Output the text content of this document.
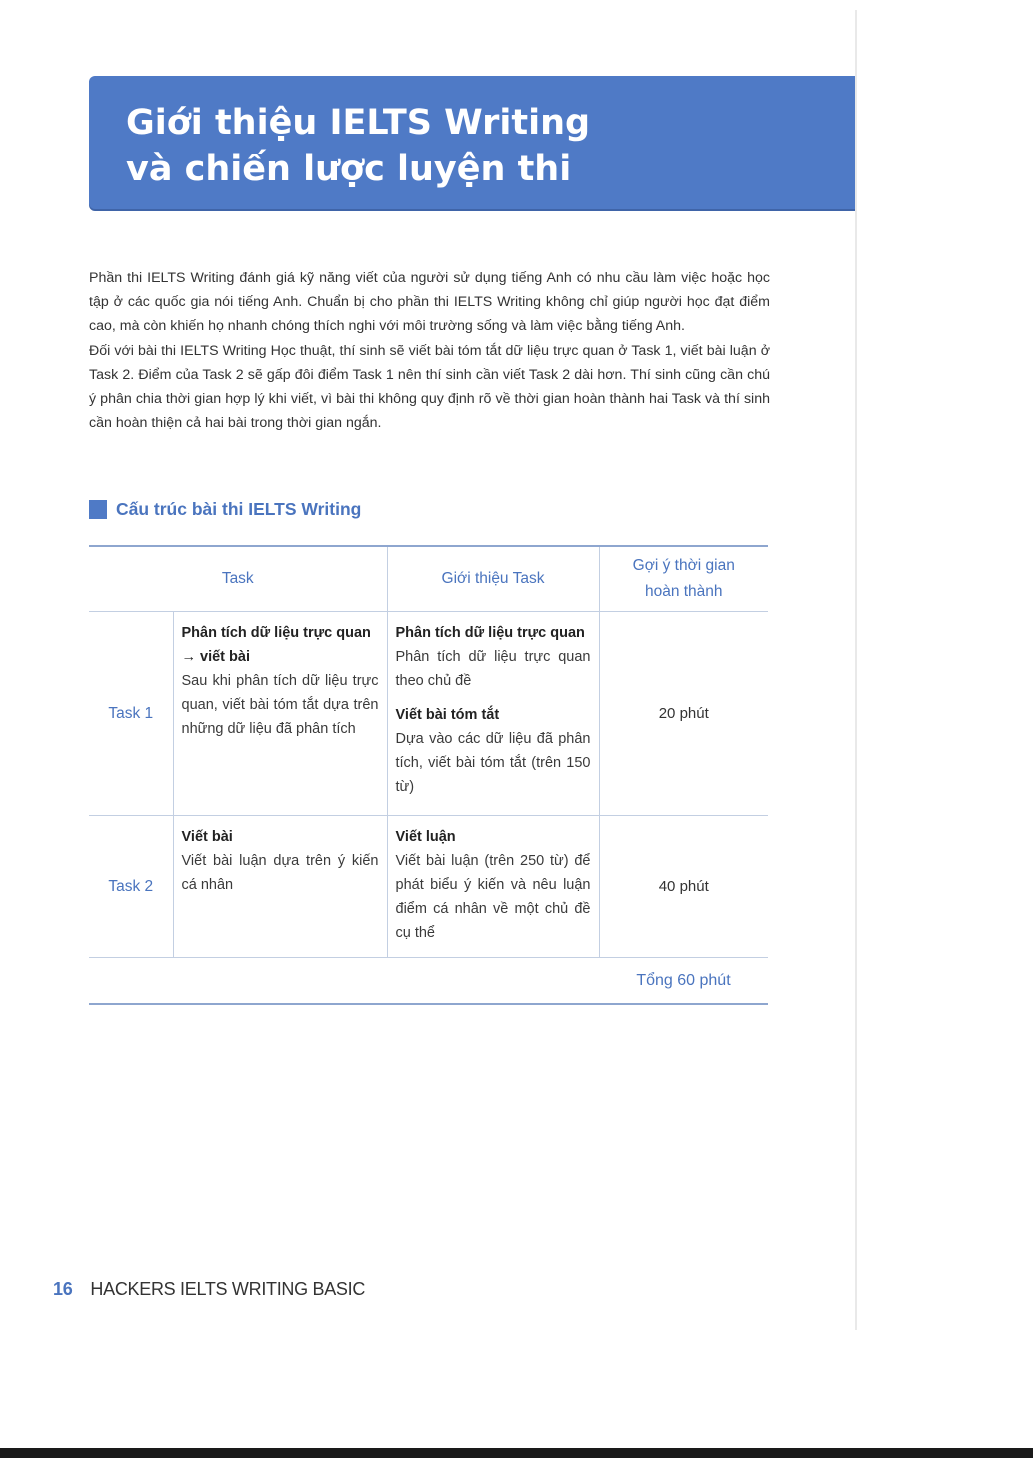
Giới thiệu IELTS Writing
và chiến lược luyện thi

Phần thi IELTS Writing đánh giá kỹ năng viết của người sử dụng tiếng Anh có nhu cầu làm việc hoặc học tập ở các quốc gia nói tiếng Anh. Chuẩn bị cho phần thi IELTS Writing không chỉ giúp người học đạt điểm cao, mà còn khiến họ nhanh chóng thích nghi với môi trường sống và làm việc bằng tiếng Anh.

Đối với bài thi IELTS Writing Học thuật, thí sinh sẽ viết bài tóm tắt dữ liệu trực quan ở Task 1, viết bài luận ở Task 2. Điểm của Task 2 sẽ gấp đôi điểm Task 1 nên thí sinh cần viết Task 2 dài hơn. Thí sinh cũng cần chú ý phân chia thời gian hợp lý khi viết, vì bài thi không quy định rõ về thời gian hoàn thành hai Task và thí sinh cần hoàn thiện cả hai bài trong thời gian ngắn.

Cấu trúc bài thi IELTS Writing
Task		Giới thiệu Task	Gợi ý thời gian
hoàn thành

Task 1	Phân tích dữ liệu trực quan
→ viết bài
Sau khi phân tích dữ liệu trực quan, viết bài tóm tắt dựa trên những dữ liệu đã phân tích	Phân tích dữ liệu trực quan
Phân tích dữ liệu trực quan theo chủ đề
Viết bài tóm tắt
Dựa vào các dữ liệu đã phân tích, viết bài tóm tắt (trên 150 từ)	20 phút
Task 2	Viết bài
Viết bài luận dựa trên ý kiến cá nhân	Viết luận
Viết bài luận (trên 250 từ) để phát biểu ý kiến và nêu luận điểm cá nhân về một chủ đề cụ thể	40 phút
			Tổng 60 phút
16 HACKERS IELTS WRITING BASIC
